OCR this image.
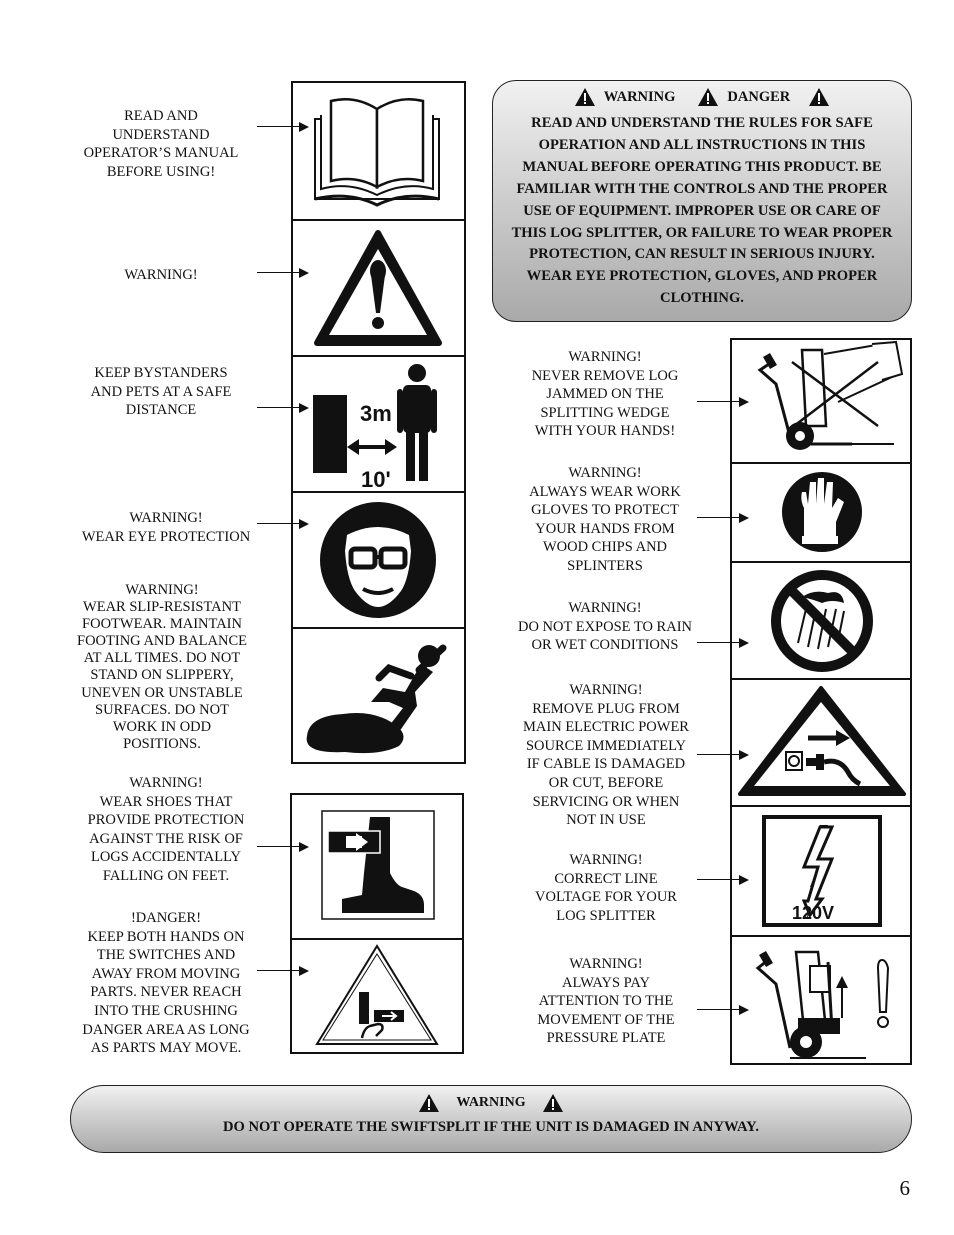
WARNING	DANGER
READ AND UNDERSTAND THE RULES FOR SAFE OPERATION AND ALL INSTRUCTIONS IN THIS MANUAL BEFORE OPERATING THIS PRODUCT. BE FAMILIAR WITH THE CONTROLS AND THE PROPER USE OF EQUIPMENT. IMPROPER USE OR CARE OF THIS LOG SPLITTER, OR FAILURE TO WEAR PROPER PROTECTION, CAN RESULT IN SERIOUS INJURY. WEAR EYE PROTECTION, GLOVES, AND PROPER CLOTHING.
READ AND
UNDERSTAND
OPERATOR’S MANUAL
BEFORE USING!
WARNING!
KEEP BYSTANDERS
AND PETS AT A SAFE
DISTANCE
WARNING!
WEAR EYE PROTECTION
WARNING!
WEAR SLIP-RESISTANT
FOOTWEAR. MAINTAIN
FOOTING AND BALANCE
AT ALL TIMES. DO NOT
STAND ON SLIPPERY,
UNEVEN OR UNSTABLE
SURFACES. DO NOT
WORK IN ODD
POSITIONS.
WARNING!
WEAR SHOES THAT
PROVIDE PROTECTION
AGAINST THE RISK OF
LOGS ACCIDENTALLY
FALLING ON FEET.
!DANGER!
KEEP BOTH HANDS ON
THE SWITCHES AND
AWAY FROM MOVING
PARTS. NEVER REACH
INTO THE CRUSHING
DANGER AREA AS LONG
AS PARTS MAY MOVE.
3m
10'
WARNING!
NEVER REMOVE LOG
JAMMED ON THE
SPLITTING WEDGE
WITH YOUR HANDS!
WARNING!
ALWAYS WEAR WORK
GLOVES TO PROTECT
YOUR HANDS FROM
WOOD CHIPS AND
SPLINTERS
WARNING!
DO NOT EXPOSE TO RAIN
OR WET CONDITIONS
WARNING!
REMOVE PLUG FROM
MAIN ELECTRIC POWER
SOURCE IMMEDIATELY
IF CABLE IS DAMAGED
OR CUT, BEFORE
SERVICING OR WHEN
NOT IN USE
WARNING!
CORRECT LINE
VOLTAGE FOR YOUR
LOG SPLITTER
WARNING!
ALWAYS PAY
ATTENTION TO THE
MOVEMENT OF THE
PRESSURE PLATE
120V
WARNING
DO NOT OPERATE THE SWIFTSPLIT IF THE UNIT IS DAMAGED IN ANYWAY.
6
